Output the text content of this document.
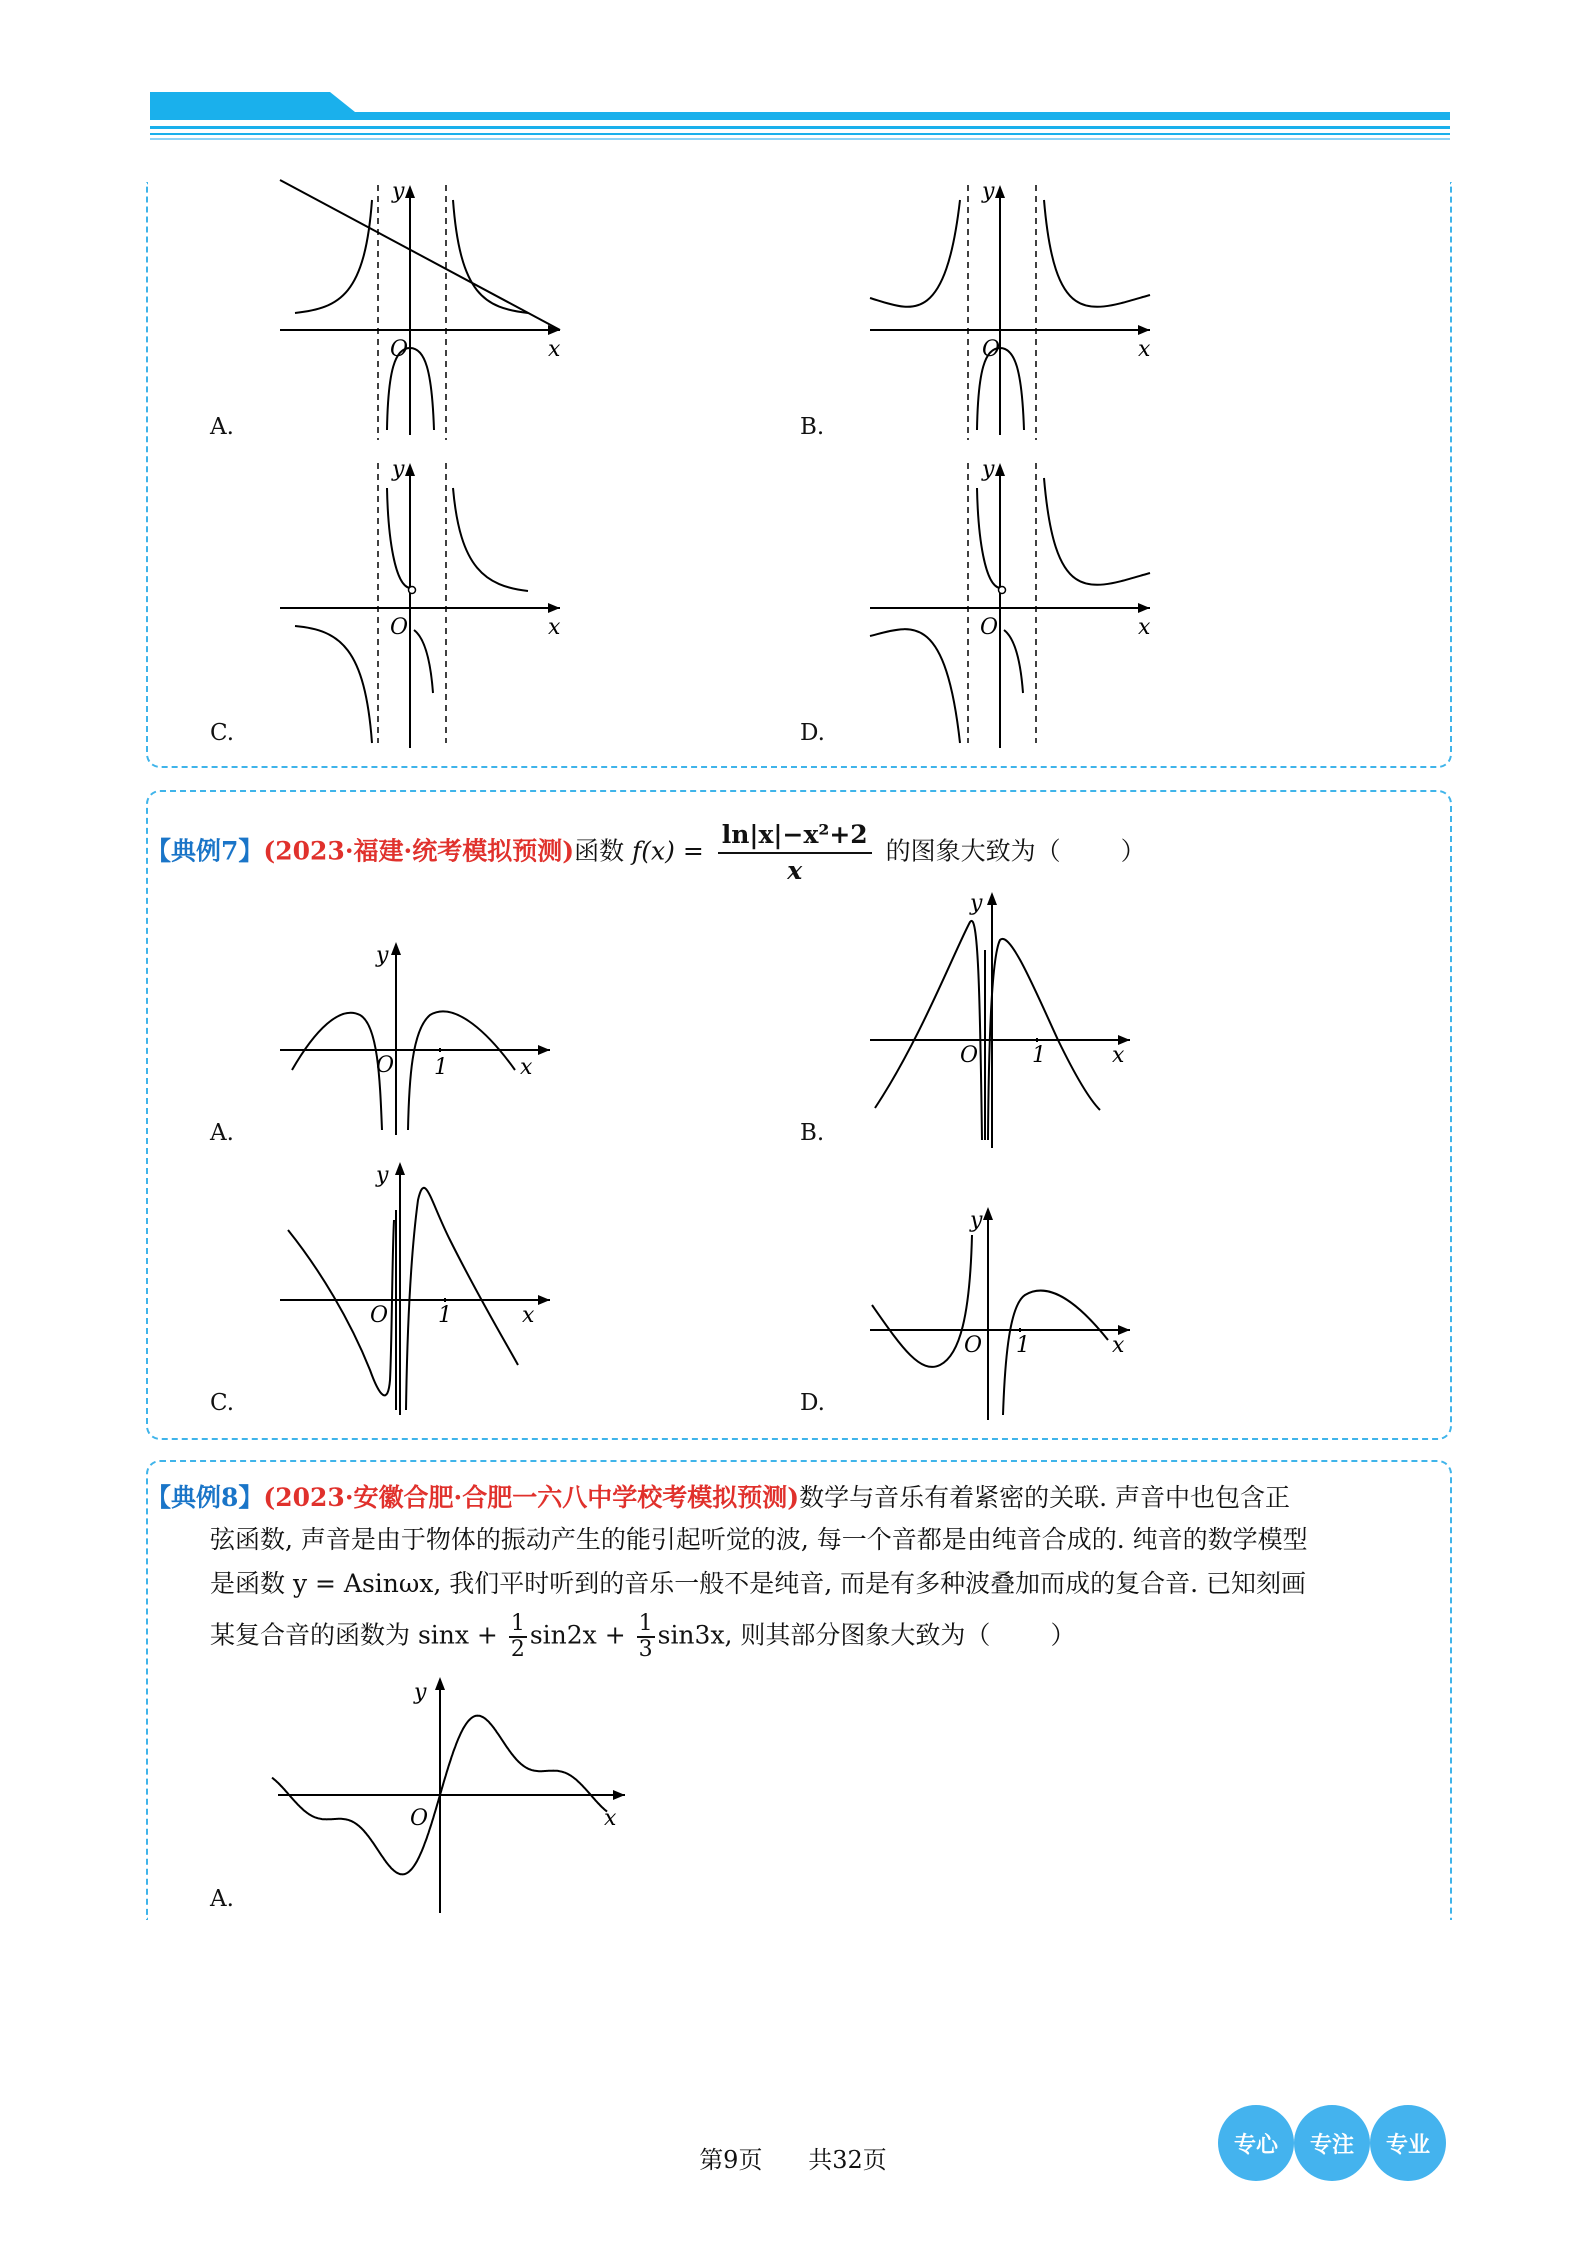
O	x
y
A.
O	x
y
B.
O	x
y
C.
O	x
y
D.
【典例7】(2023·福建·统考模拟预测)函数 $f(x) = \frac{\text{ln|x|−x²+2}}{x}$ 的图象大致为（ ）
O 1	x
y
A.
O 1	x
y
B.
O 1	x
y
C.
O 1	x
y
D.
【典例8】(2023·安徽合肥·合肥一六八中学校考模拟预测)数学与音乐有着紧密的关联. 声音中也包含正
弦函数, 声音是由于物体的振动产生的能引起听觉的波, 每一个音都是由纯音合成的. 纯音的数学模型
是函数 y = Asinωx, 我们平时听到的音乐一般不是纯音, 而是有多种波叠加而成的复合音. 已知刻画
某复合音的函数为 $\sin x + \frac{1}{2} \sin 2x + \frac{1}{3} \sin 3x$, 则其部分图象大致为（ ）
O	x
y
A.
第9页 共32页
专心	专注	专业
